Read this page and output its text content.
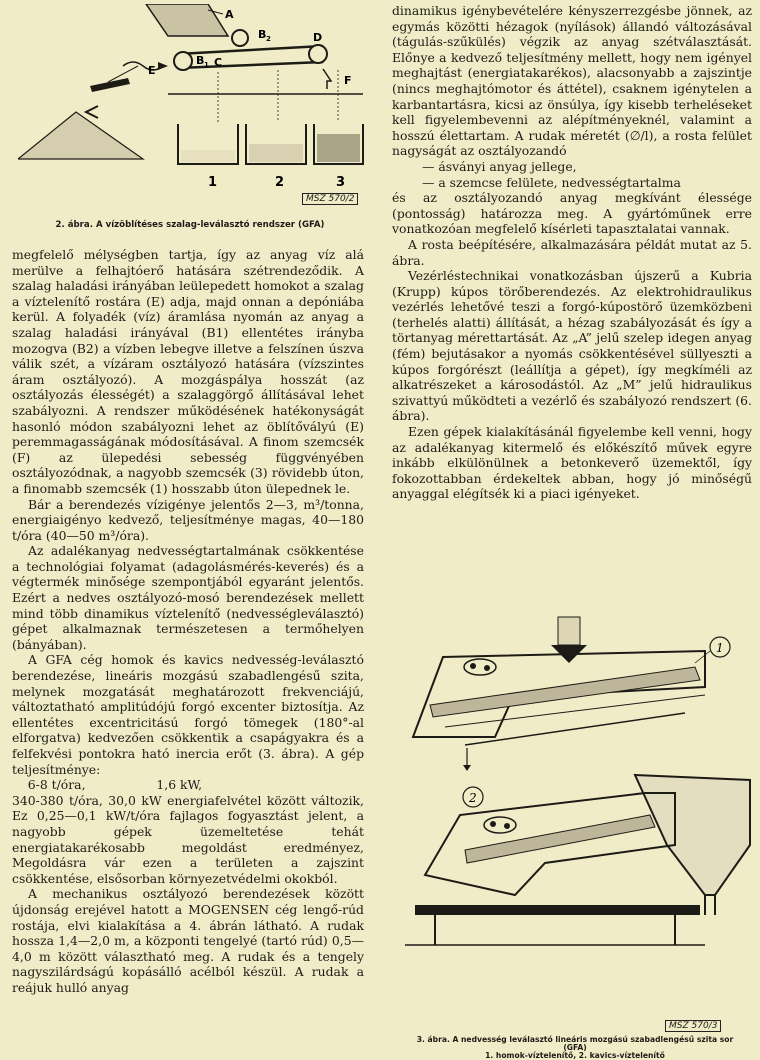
1	2	3
A
B 1
B 2
C
D
E
F
MSZ 570/2
2. ábra. A vízöblítéses szalag-leválasztó rendszer (GFA)

megfelelő mélységben tartja, így az anyag víz alá merülve a felhajtóerő hatására szétrendeződik. A szalag haladási irányában leülepedett homokot a szalag a víztelenítő rostára (E) adja, majd onnan a depóniába kerül. A folyadék (víz) áramlása nyomán az anyag a szalag haladási irányával (B1) ellentétes irányba mozogva (B2) a vízben lebegve illetve a felszínen úszva válik szét, a vízáram osztályozó hatására (vízszintes áram osztályozó). A mozgáspálya hosszát (az osztályozás élességét) a szalaggörgő állításával lehet szabályozni. A rendszer működésének hatékonyságát hasonló módon szabályozni lehet az öblítővályú (E) peremmagasságának módosításával. A finom szemcsék (F) az ülepedési sebesség függvényében osztályozódnak, a nagyobb szemcsék (3) rövidebb úton, a finomabb szemcsék (1) hosszabb úton ülepednek le.

Bár a berendezés vízigénye jelentős 2—3, m³/tonna, energiaigényo kedvező, teljesítménye magas, 40—180 t/óra (40—50 m³/óra).

Az adalékanyag nedvességtartalmának csökkentése a technológiai folyamat (adagolásmérés-keverés) és a végtermék minősége szempontjából egyaránt jelentős. Ezért a nedves osztályozó-mosó berendezések mellett mind több dinamikus víztelenítő (nedvességleválasztó) gépet alkalmaznak természetesen a termőhelyen (bányában).

A GFA cég homok és kavics nedvesség-leválasztó berendezése, lineáris mozgású szabadlengésű szita, melynek mozgatását meghatározott frekvenciájú, változtatható amplitúdójú forgó excenter biztosítja. Az ellentétes excentricitású forgó tömegek (180°-al elforgatva) kedvezően csökkentik a csapágyakra és a felfekvési pontokra ható inercia erőt (3. ábra). A gép teljesítménye:

6-8 t/óra,                  1,6 kW,

340-380 t/óra, 30,0 kW energiafelvétel között változik, Ez 0,25—0,1 kW/t/óra fajlagos fogyasztást jelent, a nagyobb gépek üzemeltetése tehát energiatakarékosabb megoldást eredményez, Megoldásra vár ezen a területen a zajszint csökkentése, elsősorban környezetvédelmi okokból.

A mechanikus osztályozó berendezések között újdonság erejével hatott a MOGENSEN cég lengő-rúd rostája, elvi kialakítása a 4. ábrán látható. A rudak hossza 1,4—2,0 m, a központi tengelyé (tartó rúd) 0,5—4,0 m között választható meg. A rudak és a tengely nagyszilárdságú kopásálló acélból készül. A rudak a reájuk hulló anyag

dinamikus igénybevételére kényszerrezgésbe jönnek, az egymás közötti hézagok (nyílások) állandó változásával (tágulás-szűkülés) végzik az anyag szétválasztását. Előnye a kedvező teljesítmény mellett, hogy nem igényel meghajtást (energiatakarékos), alacsonyabb a zajszintje (nincs meghajtómotor és áttétel), csaknem igénytelen a karbantartásra, kicsi az önsúlya, így kisebb terheléseket kell figyelembevenni az alépítményeknél, valamint a hosszú élettartam. A rudak méretét (∅/l), a rosta felület nagyságát az osztályozandó

— ásványi anyag jellege,

— a szemcse felülete, nedvességtartalma

és az osztályozandó anyag megkívánt élessége (pontosság) határozza meg. A gyártóműnek erre vonatkozóan megfelelő kísérleti tapasztalatai vannak.

A rosta beépítésére, alkalmazására példát mutat az 5. ábra.

Vezérléstechnikai vonatkozásban újszerű a Kubria (Krupp) kúpos törőberendezés. Az elektrohidraulikus vezérlés lehetővé teszi a forgó-kúpostörő üzemközbeni (terhelés alatti) állítását, a hézag szabályozását és így a törtanyag mérettartását. Az „A” jelű szelep idegen anyag (fém) bejutásakor a nyomás csökkentésével süllyeszti a kúpos forgórészt (leállítja a gépet), így megkíméli az alkatrészeket a károsodástól. Az „M” jelű hidraulikus szivattyú működteti a vezérlő és szabályozó rendszert (6. ábra).

Ezen gépek kialakításánál figyelembe kell venni, hogy az adalékanyag kitermelő és előkészítő művek egyre inkább elkülönülnek a betonkeverő üzemektől, így fokozottabban érdekeltek abban, hogy jó minőségű anyaggal elégítsék ki a piaci igényeket.

1
2
MSZ 570/3
3. ábra. A nedvesség leválasztó lineáris mozgású szabadlengésű szita sor
(GFA)
1. homok-víztelenítő, 2. kavics-víztelenítő
